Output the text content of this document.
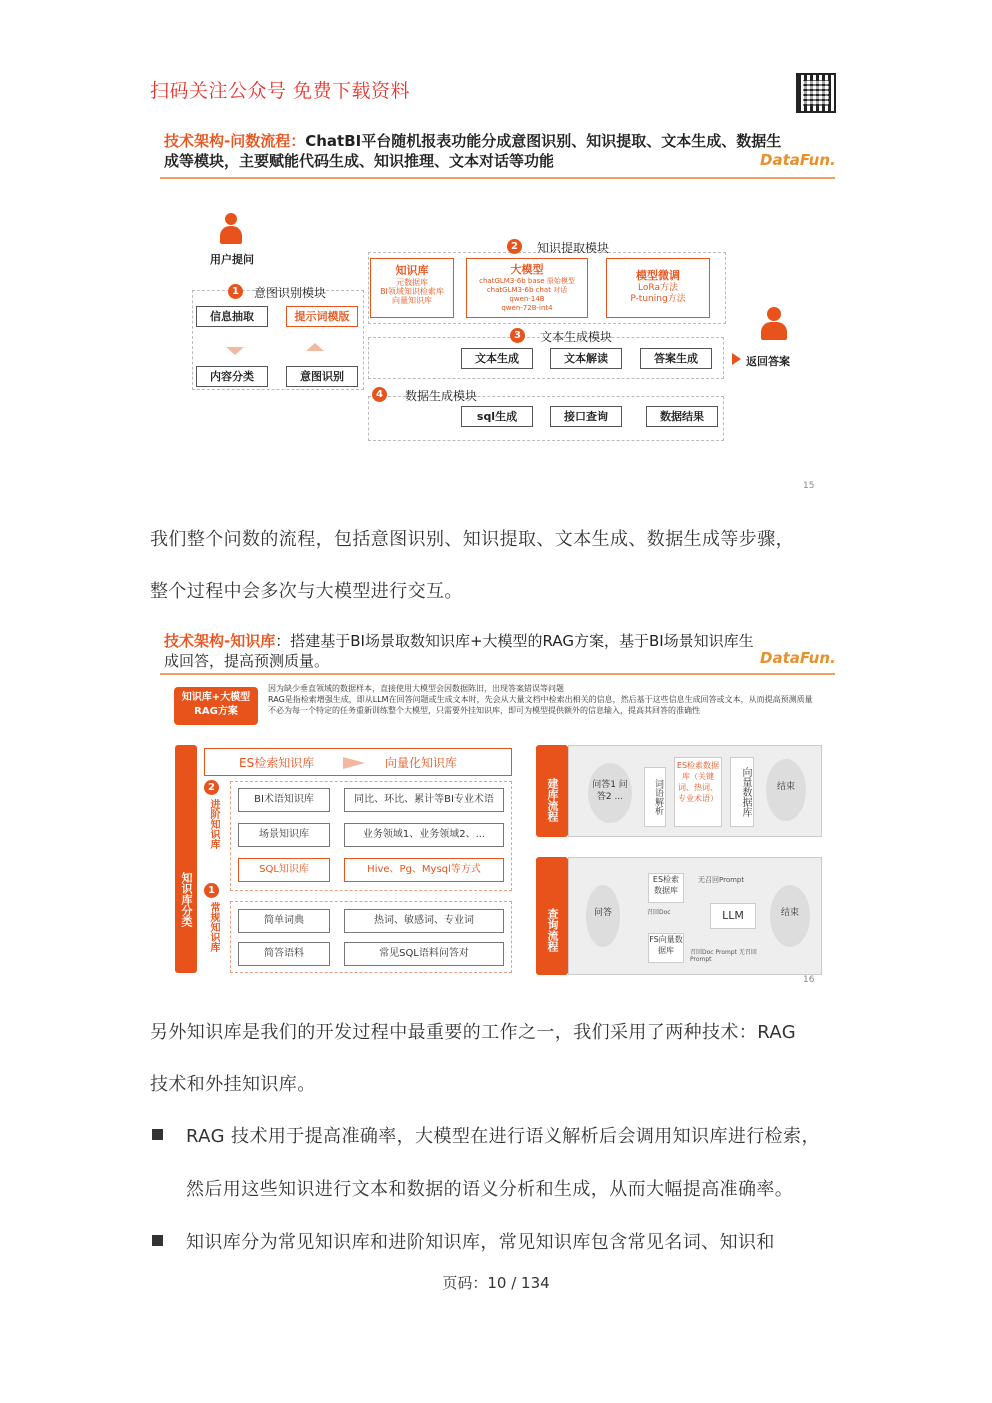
扫码关注公众号 免费下载资料
技术架构-问数流程：ChatBI平台随机报表功能分成意图识别、知识提取、文本生成、数据生
成等模块，主要赋能代码生成、知识推理、文本对话等功能	DataFun.
用户提问
1	意图识别模块
信息抽取	提示词模版
内容分类	意图识别
2	知识提取模块
知识库
元数据库
BI领域知识检索库
向量知识库
大模型
chatGLM3-6b base 原始模型
chatGLM3-6b chat 对话
qwen-14B
qwen-72B-int4
模型微调
LoRa方法
P-tuning方法
3	文本生成模块
文本生成	文本解读	答案生成	返回答案
4	数据生成模块
sql生成	接口查询	数据结果
15
我们整个问数的流程，包括意图识别、知识提取、文本生成、数据生成等步骤，
整个过程中会多次与大模型进行交互。
技术架构-知识库：搭建基于BI场景取数知识库+大模型的RAG方案，基于BI场景知识库生
成回答，提高预测质量。	DataFun.
知识库+大模型RAG方案
因为缺少垂直领域的数据样本，直接使用大模型会因数据陈旧，出现答案错误等问题
RAG是指检索增强生成，即从LLM在回答问题或生成文本时，先会从大量文档中检索出相关的信息，然后基于这些信息生成回答或文本，从而提高预测质量
不必为每一个特定的任务重新训练整个大模型，只需要外挂知识库，即可为模型提供额外的信息输入，提高其回答的准确性
知识库分类
ES检索知识库	向量化知识库
2
进阶知识库	BI术语知识库	同比、环比、累计等BI专业术语
场景知识库	业务领域1、业务领域2、...
SQL知识库	Hive、Pg、Mysql等方式
1
常规知识库	简单词典	热词、敏感词、专业词
简答语料	常见SQL语料问答对
建库流程	问答1 问答2 ...	词语解析
ES检索数据库（关键词、热词、专业术语）	向量数据库	结束
查询流程	问答
ES检索数据库
FS向量数据库
LLM	结束
无召回Prompt
召回Doc
召回Doc Prompt 无召回Prompt
16
另外知识库是我们的开发过程中最重要的工作之一，我们采用了两种技术：RAG
技术和外挂知识库。
RAG 技术用于提高准确率，大模型在进行语义解析后会调用知识库进行检索，
然后用这些知识进行文本和数据的语义分析和生成，从而大幅提高准确率。
知识库分为常见知识库和进阶知识库，常见知识库包含常见名词、知识和
页码：10 / 134
